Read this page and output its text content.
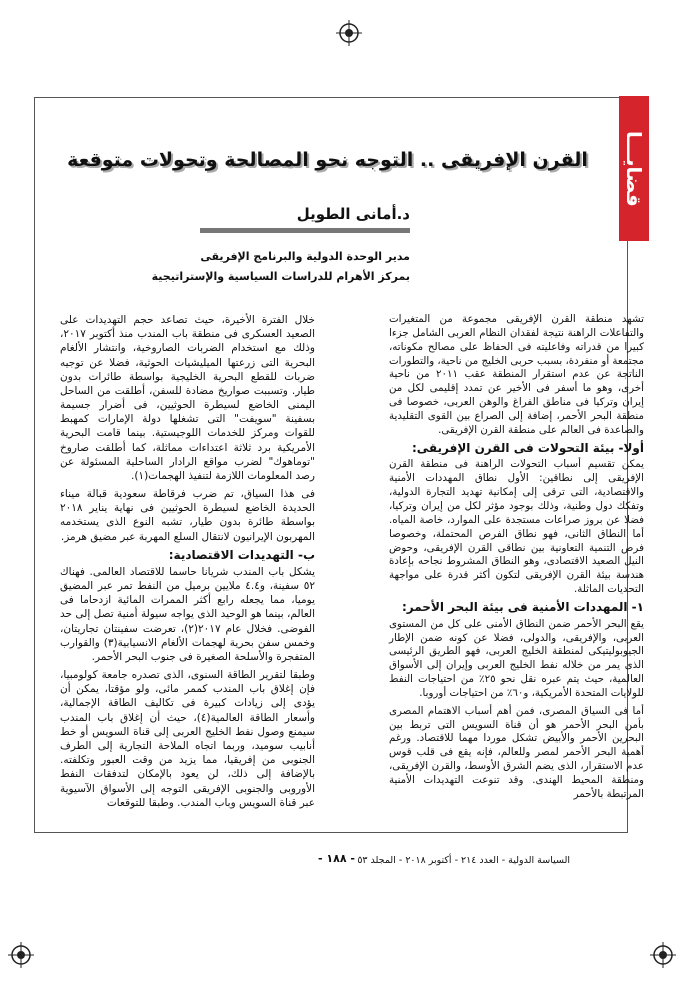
قضايـــا
القرن الإفريقى .. التوجه نحو المصالحة وتحولات متوقعة
د.أمانى الطويل
مدير الوحدة الدولية والبرنامج الإفريقى
بمركز الأهرام للدراسات السياسية والإستراتيجية

تشهد منطقة القرن الإفريقى مجموعة من المتغيرات والتفاعلات الراهنة نتيجة لفقدان النظام العربى الشامل جزءا كبيرا من قدراته وفاعليته فى الحفاظ على مصالح مكوناته، مجتمعة أو منفردة، بسبب حربى الخليج من ناحية، والتطورات الناتجة عن عدم استقرار المنطقة عقب ٢٠١١ من ناحية أخرى، وهو ما أسفر فى الأخير عن تمدد إقليمى لكل من إيران وتركيا فى مناطق الفراغ والوهن العربى، خصوصا فى منطقة البحر الأحمر، إضافة إلى الصراع بين القوى التقليدية والصاعدة فى العالم على منطقة القرن الإفريقى.

أولا- بيئة التحولات فى القرن الإفريقى:

يمكن تقسيم أسباب التحولات الراهنة فى منطقة القرن الإفريقى إلى نطاقين: الأول نطاق المهددات الأمنية والاقتصادية، التى ترقى إلى إمكانية تهديد التجارة الدولية، وتفكك دول وطنية، وذلك بوجود مؤثر لكل من إيران وتركيا، فضلا عن بروز صراعات مستجدة على الموارد، خاصة المياه. أما النطاق الثانى، فهو نطاق الفرص المحتملة، وخصوصا فرص التنمية التعاونية بين نطاقى القرن الإفريقى، وحوض النيل الصعيد الاقتصادى، وهو النطاق المشروط نجاحه بإعادة هندسة بيئة القرن الإفريقى لتكون أكثر قدرة على مواجهة التحديات الماثلة.

١- المهددات الأمنية فى بيئة البحر الأحمر:

يقع البحر الأحمر ضمن النطاق الأمنى على كل من المستوى العربى، والإفريقى، والدولى، فضلا عن كونه ضمن الإطار الجيوبوليتيكى لمنطقة الخليج العربى، فهو الطريق الرئيسى الذى يمر من خلاله نفط الخليج العربى وإيران إلى الأسواق العالمية، حيث يتم عبره نقل نحو ٢٥٪ من احتياجات النفط للولايات المتحدة الأمريكية، و٦٠٪ من احتياجات أوروبا.

أما فى السياق المصرى، فمن أهم أسباب الاهتمام المصرى بأمن البحر الأحمر هو أن قناة السويس التى تربط بين البحرين الأحمر والأبيض تشكل موردا مهما للاقتصاد. ورغم أهمية البحر الأحمر لمصر وللعالم، فإنه يقع فى قلب قوس عدم الاستقرار، الذى يضم الشرق الأوسط، والقرن الإفريقى، ومنطقة المحيط الهندى. وقد تنوعت التهديدات الأمنية المرتبطة بالأحمر

خلال الفترة الأخيرة، حيث تصاعد حجم التهديدات على الصعيد العسكرى فى منطقة باب المندب منذ أكتوبر ٢٠١٧، وذلك مع استخدام الضربات الصاروخية، وانتشار الألغام البحرية التى زرعتها الميليشيات الحوثية، فضلا عن توجيه ضربات للقطع البحرية الخليجية بواسطة طائرات بدون طيار. وتسببت صواريخ مضادة للسفن، أطلقت من الساحل اليمنى الخاضع لسيطرة الحوثيين، فى أضرار جسيمة بسفينة "سويفت" التى تشغلها دولة الإمارات كمهبط للقوات ومركز للخدمات اللوجيستية. بينما قامت البحرية الأمريكية برد ثلاثة اعتداءات مماثلة، كما أطلقت صاروخ "توماهوك" لضرب مواقع الرادار الساحلية المسئولة عن رصد المعلومات اللازمة لتنفيذ الهجمات(١).

فى هذا السياق، تم ضرب فرقاطة سعودية قبالة ميناء الحديدة الخاضع لسيطرة الحوثيين فى نهاية يناير ٢٠١٨ بواسطة طائرة بدون طيار، تشبه النوع الذى يستخدمه المهربون الإيرانيون لانتقال السلع المهربة عبر مضيق هرمز.

ب- التهديدات الاقتصادية:

يشكل باب المندب شريانا حاسما للاقتصاد العالمى. فهناك ٥٢ سفينة، و٤.٤ ملايين برميل من النفط تمر عبر المضيق يوميا، مما يجعله رابع أكثر الممرات المائية ازدحاما فى العالم، بينما هو الوحيد الذى يواجه سيولة أمنية تصل إلى حد الفوضى. فخلال عام ٢٠١٧(٢)، تعرضت سفينتان تجاريتان، وخمس سفن بحرية لهجمات الألغام الانسيابية(٣) والقوارب المتفجرة والأسلحة الصغيرة فى جنوب البحر الأحمر.

وطبقا لتقرير الطاقة السنوى، الذى تصدره جامعة كولومبيا، فإن إغلاق باب المندب كممر مائى، ولو مؤقتا، يمكن أن يؤدى إلى زيادات كبيرة فى تكاليف الطاقة الإجمالية، وأسعار الطاقة العالمية(٤)، حيث أن إغلاق باب المندب سيمنع وصول نفط الخليج العربى إلى قناة السويس أو خط أنابيب سوميد، وربما اتجاه الملاحة التجارية إلى الطرف الجنوبى من إفريقيا، مما يزيد من وقت العبور وتكلفته. بالإضافة إلى ذلك، لن يعود بالإمكان لتدفقات النفط الأوروبى والجنوبى الإفريقى التوجه إلى الأسواق الآسيوية عبر قناة السويس وباب المندب. وطبقا للتوقعات

السياسة الدولية - العدد ٢١٤ - أكتوبر ٢٠١٨ - المجلد ٥٣
- ١٨٨ -
